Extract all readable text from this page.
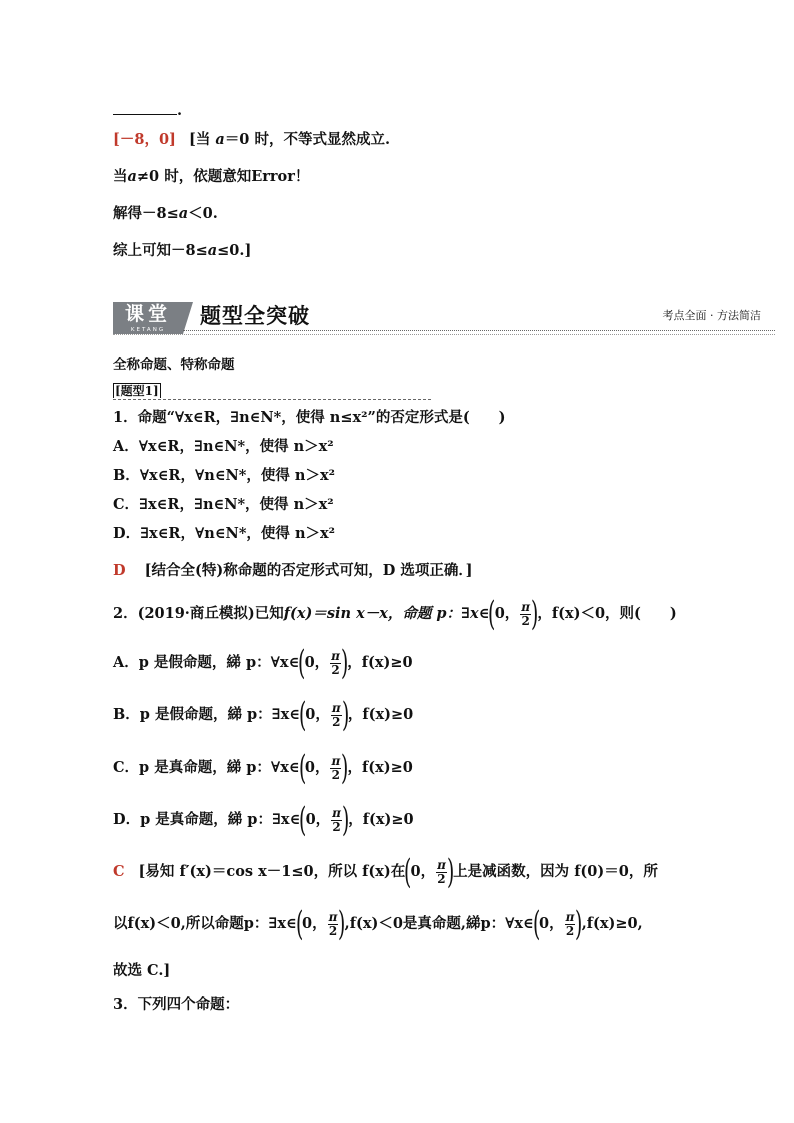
.
[－8，0] [当 a＝0 时，不等式显然成立.
当a≠0 时，依题意知Error！
解得－8≤a＜0.
综上可知－8≤a≤0.]
课堂
KETANG
题型全突破	考点全面 · 方法简洁
全称命题、特称命题
[题型1]
1．命题“∀x∈R，∃n∈N*，使得 n≤x²”的否定形式是(　　)
A．∀x∈R，∃n∈N*，使得 n＞x²
B．∀x∈R，∀n∈N*，使得 n＞x²
C．∃x∈R，∃n∈N*，使得 n＞x²
D．∃x∈R，∀n∈N*，使得 n＞x²
D [结合全(特)称命题的否定形式可知，D 选项正确．]
2．(2019·商丘模拟)已知 f(x)＝sin x－x，命题 p：∃x∈
(
0， $\frac{\pi}{2}$ )
，f(x)＜0，则(　　)
A．p 是假命题，綈 p：∀x∈
(
0， $\frac{\pi}{2}$ )
，f(x)≥0
B．p 是假命题，綈 p：∃x∈
(
0， $\frac{\pi}{2}$ )
，f(x)≥0
C．p 是真命题，綈 p：∀x∈
(
0， $\frac{\pi}{2}$ )
，f(x)≥0
D．p 是真命题，綈 p：∃x∈
(
0， $\frac{\pi}{2}$ )
，f(x)≥0
C [易知 f′(x)＝cos x－1≤0，所以 f(x)在
(
0， $\frac{\pi}{2}$ )
上是减函数，因为 f(0)＝0，所
以f(x)＜0,所以命题p：∃x∈
(
0， $\frac{\pi}{2}$ )
,f(x)＜0是真命题,綈p：∀x∈
(
0， $\frac{\pi}{2}$ )
,f(x)≥0,
故选 C.]
3．下列四个命题：
